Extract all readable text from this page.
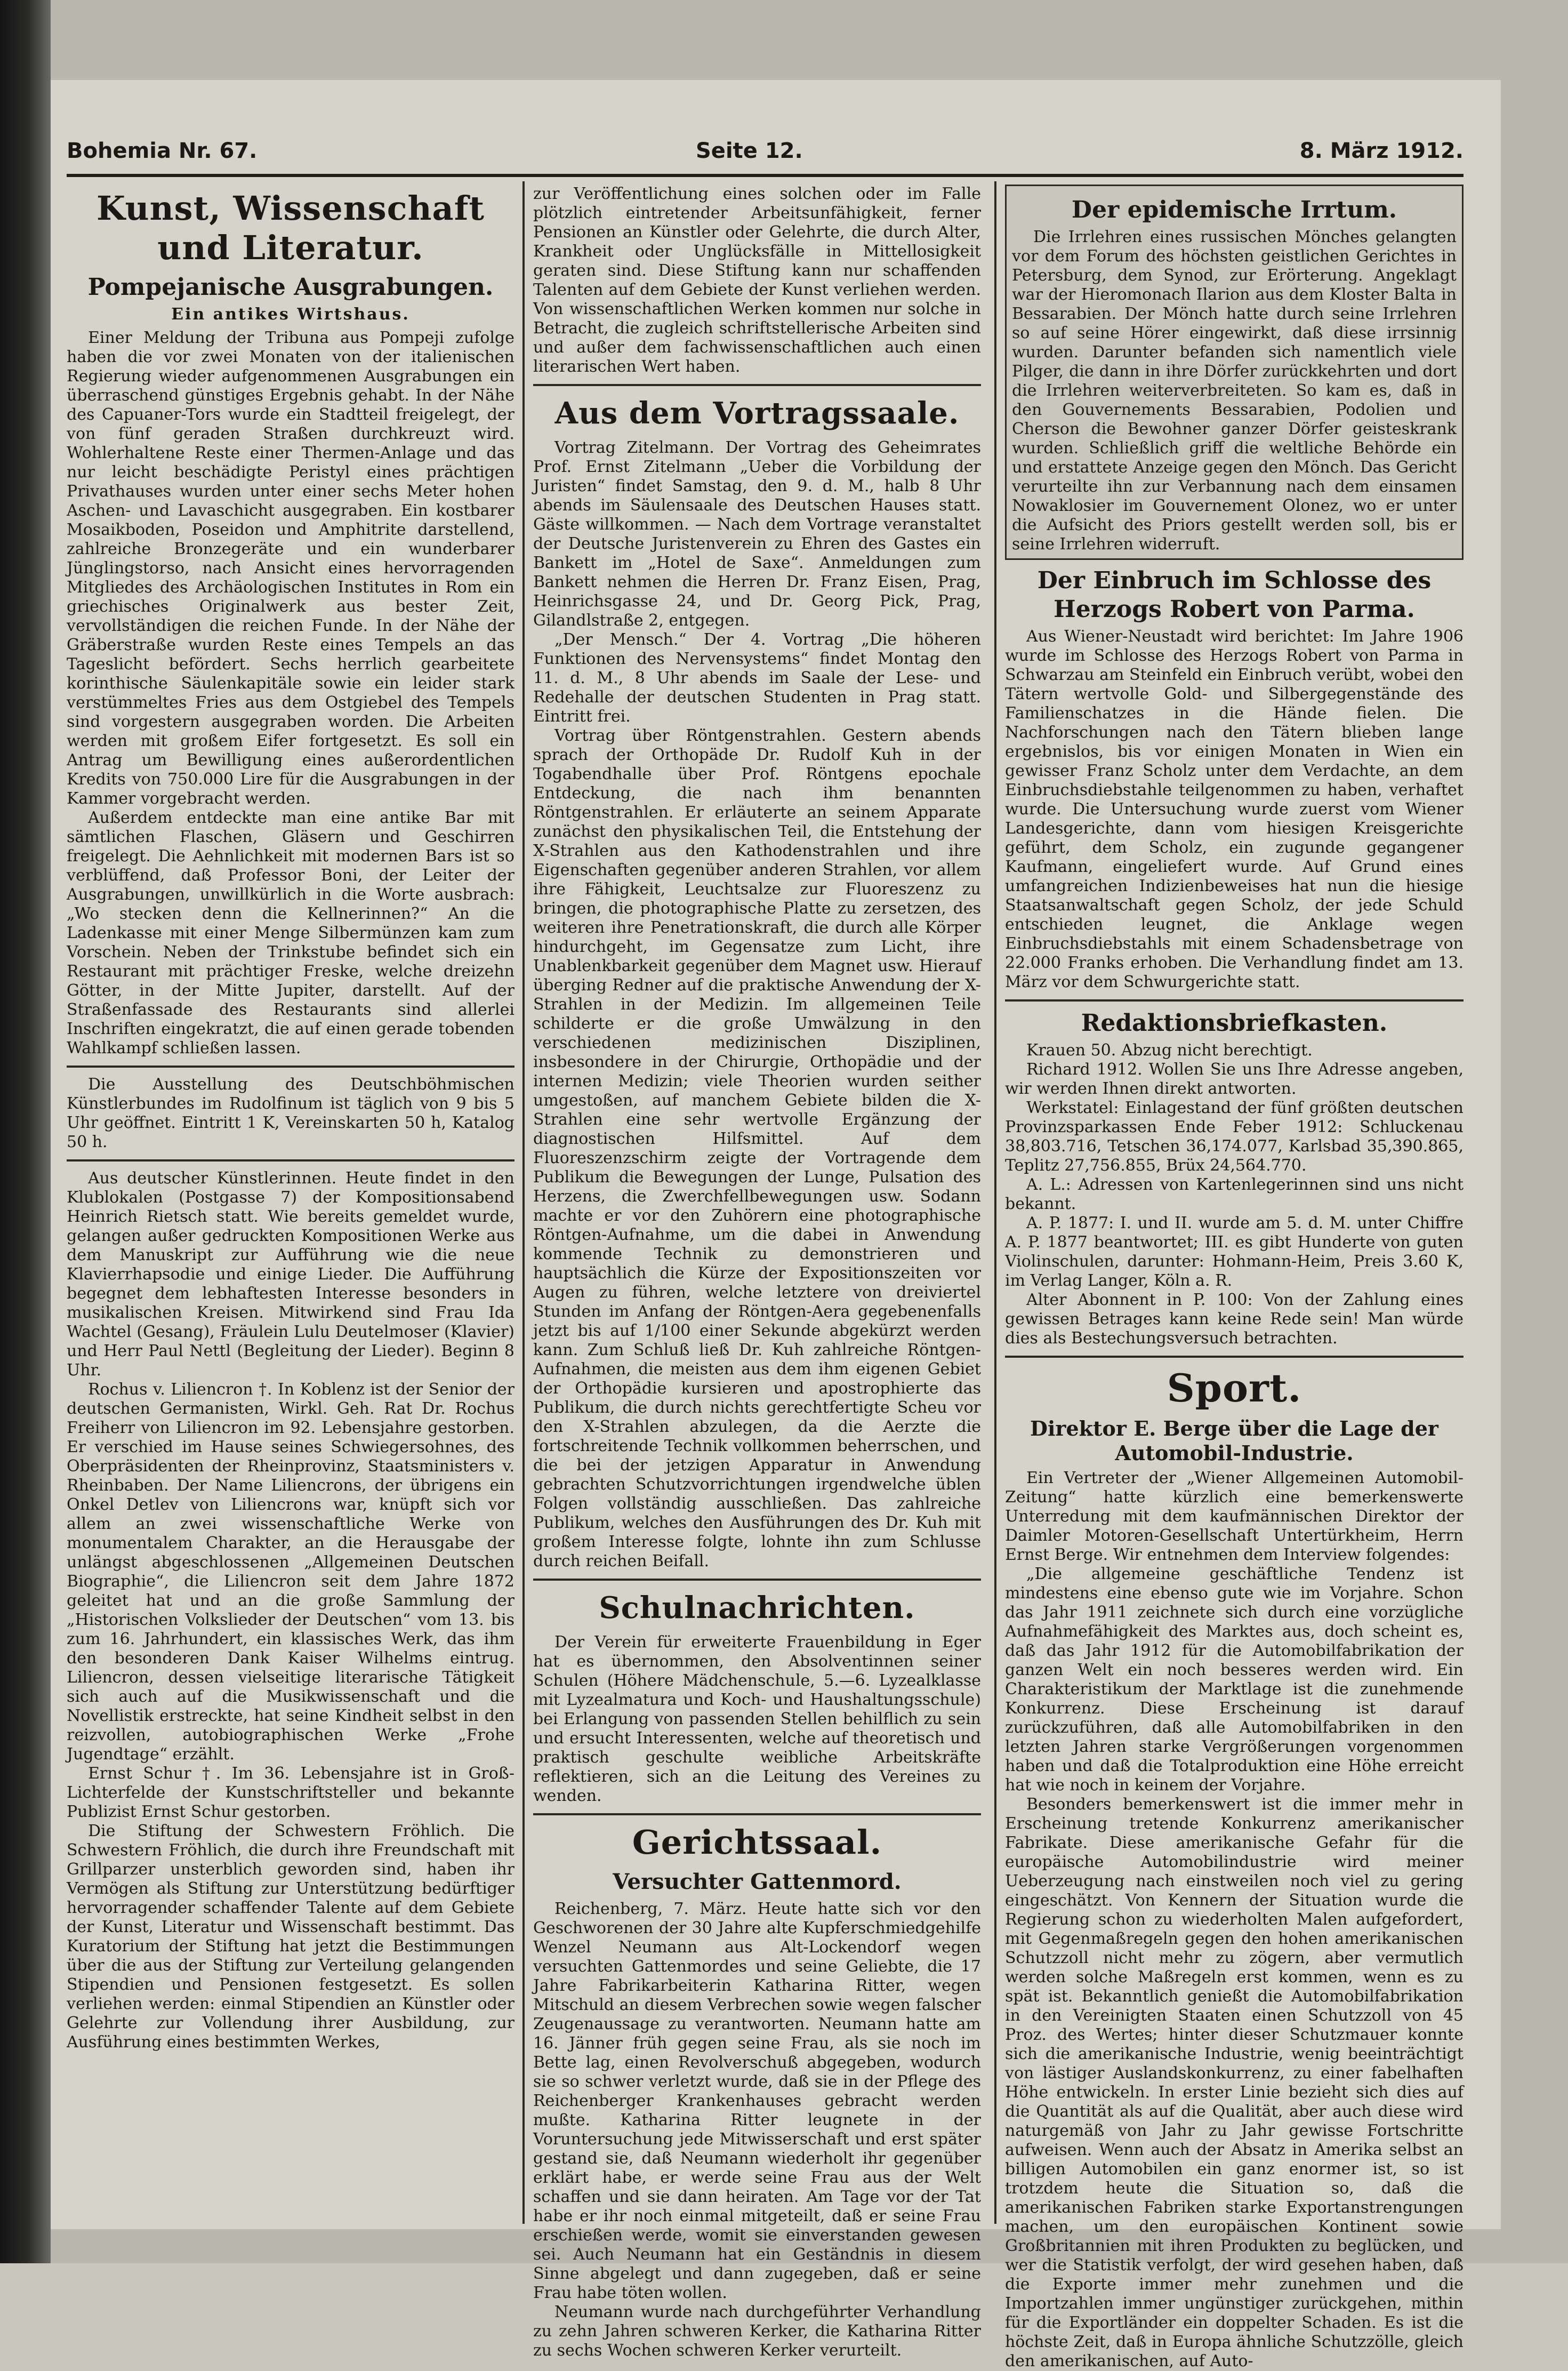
Bohemia Nr. 67.	Seite 12.	8. März 1912.
Kunst, Wissenschaft und Literatur.
Pompejanische Ausgrabungen.
Ein antikes Wirtshaus.

Einer Meldung der Tribuna aus Pompeji zufolge haben die vor zwei Monaten von der italienischen Regierung wieder aufgenommenen Ausgrabungen ein überraschend günstiges Ergebnis gehabt. In der Nähe des Capuaner-Tors wurde ein Stadtteil freigelegt, der von fünf geraden Straßen durchkreuzt wird. Wohlerhaltene Reste einer Thermen-Anlage und das nur leicht beschädigte Peristyl eines prächtigen Privathauses wurden unter einer sechs Meter hohen Aschen- und Lavaschicht ausgegraben. Ein kostbarer Mosaikboden, Poseidon und Amphitrite darstellend, zahlreiche Bronzegeräte und ein wunderbarer Jünglingstorso, nach Ansicht eines hervorragenden Mitgliedes des Archäologischen Institutes in Rom ein griechisches Originalwerk aus bester Zeit, vervollständigen die reichen Funde. In der Nähe der Gräberstraße wurden Reste eines Tempels an das Tageslicht befördert. Sechs herrlich gearbeitete korinthische Säulenkapitäle sowie ein leider stark verstümmeltes Fries aus dem Ostgiebel des Tempels sind vorgestern ausgegraben worden. Die Arbeiten werden mit großem Eifer fortgesetzt. Es soll ein Antrag um Bewilligung eines außerordentlichen Kredits von 750.000 Lire für die Ausgrabungen in der Kammer vorgebracht werden.

Außerdem entdeckte man eine antike Bar mit sämtlichen Flaschen, Gläsern und Geschirren freigelegt. Die Aehnlichkeit mit modernen Bars ist so verblüffend, daß Professor Boni, der Leiter der Ausgrabungen, unwillkürlich in die Worte ausbrach: „Wo stecken denn die Kellnerinnen?“ An die Ladenkasse mit einer Menge Silbermünzen kam zum Vorschein. Neben der Trinkstube befindet sich ein Restaurant mit prächtiger Freske, welche dreizehn Götter, in der Mitte Jupiter, darstellt. Auf der Straßenfassade des Restaurants sind allerlei Inschriften eingekratzt, die auf einen gerade tobenden Wahlkampf schließen lassen.

Die Ausstellung des Deutschböhmischen Künstlerbundes im Rudolfinum ist täglich von 9 bis 5 Uhr geöffnet. Eintritt 1 K, Vereinskarten 50 h, Katalog 50 h.

Aus deutscher Künstlerinnen. Heute findet in den Klublokalen (Postgasse 7) der Kompositionsabend Heinrich Rietsch statt. Wie bereits gemeldet wurde, gelangen außer gedruckten Kompositionen Werke aus dem Manuskript zur Aufführung wie die neue Klavierrhapsodie und einige Lieder. Die Aufführung begegnet dem lebhaftesten Interesse besonders in musikalischen Kreisen. Mitwirkend sind Frau Ida Wachtel (Gesang), Fräulein Lulu Deutelmoser (Klavier) und Herr Paul Nettl (Begleitung der Lieder). Beginn 8 Uhr.

Rochus v. Liliencron †. In Koblenz ist der Senior der deutschen Germanisten, Wirkl. Geh. Rat Dr. Rochus Freiherr von Liliencron im 92. Lebensjahre gestorben. Er verschied im Hause seines Schwiegersohnes, des Oberpräsidenten der Rheinprovinz, Staatsministers v. Rheinbaben. Der Name Liliencrons, der übrigens ein Onkel Detlev von Liliencrons war, knüpft sich vor allem an zwei wissenschaftliche Werke von monumentalem Charakter, an die Herausgabe der unlängst abgeschlossenen „Allgemeinen Deutschen Biographie“, die Liliencron seit dem Jahre 1872 geleitet hat und an die große Sammlung der „Historischen Volkslieder der Deutschen“ vom 13. bis zum 16. Jahrhundert, ein klassisches Werk, das ihm den besonderen Dank Kaiser Wilhelms eintrug. Liliencron, dessen vielseitige literarische Tätigkeit sich auch auf die Musikwissenschaft und die Novellistik erstreckte, hat seine Kindheit selbst in den reizvollen, autobiographischen Werke „Frohe Jugendtage“ erzählt.

Ernst Schur †. Im 36. Lebensjahre ist in Groß-Lichterfelde der Kunstschriftsteller und bekannte Publizist Ernst Schur gestorben.

Die Stiftung der Schwestern Fröhlich. Die Schwestern Fröhlich, die durch ihre Freundschaft mit Grillparzer unsterblich geworden sind, haben ihr Vermögen als Stiftung zur Unterstützung bedürftiger hervorragender schaffender Talente auf dem Gebiete der Kunst, Literatur und Wissenschaft bestimmt. Das Kuratorium der Stiftung hat jetzt die Bestimmungen über die aus der Stiftung zur Verteilung gelangenden Stipendien und Pensionen festgesetzt. Es sollen verliehen werden: einmal Stipendien an Künstler oder Gelehrte zur Vollendung ihrer Ausbildung, zur Ausführung eines bestimmten Werkes,

zur Veröffentlichung eines solchen oder im Falle plötzlich eintretender Arbeitsunfähigkeit, ferner Pensionen an Künstler oder Gelehrte, die durch Alter, Krankheit oder Unglücksfälle in Mittellosigkeit geraten sind. Diese Stiftung kann nur schaffenden Talenten auf dem Gebiete der Kunst verliehen werden. Von wissenschaftlichen Werken kommen nur solche in Betracht, die zugleich schriftstellerische Arbeiten sind und außer dem fachwissenschaftlichen auch einen literarischen Wert haben.

Aus dem Vortragssaale.

Vortrag Zitelmann. Der Vortrag des Geheimrates Prof. Ernst Zitelmann „Ueber die Vorbildung der Juristen“ findet Samstag, den 9. d. M., halb 8 Uhr abends im Säulensaale des Deutschen Hauses statt. Gäste willkommen. — Nach dem Vortrage veranstaltet der Deutsche Juristenverein zu Ehren des Gastes ein Bankett im „Hotel de Saxe“. Anmeldungen zum Bankett nehmen die Herren Dr. Franz Eisen, Prag, Heinrichsgasse 24, und Dr. Georg Pick, Prag, Gilandlstraße 2, entgegen.

„Der Mensch.“ Der 4. Vortrag „Die höheren Funktionen des Nervensystems“ findet Montag den 11. d. M., 8 Uhr abends im Saale der Lese- und Redehalle der deutschen Studenten in Prag statt. Eintritt frei.

Vortrag über Röntgenstrahlen. Gestern abends sprach der Orthopäde Dr. Rudolf Kuh in der Togabendhalle über Prof. Röntgens epochale Entdeckung, die nach ihm benannten Röntgenstrahlen. Er erläuterte an seinem Apparate zunächst den physikalischen Teil, die Entstehung der X-Strahlen aus den Kathodenstrahlen und ihre Eigenschaften gegenüber anderen Strahlen, vor allem ihre Fähigkeit, Leuchtsalze zur Fluoreszenz zu bringen, die photographische Platte zu zersetzen, des weiteren ihre Penetrationskraft, die durch alle Körper hindurchgeht, im Gegensatze zum Licht, ihre Unablenkbarkeit gegenüber dem Magnet usw. Hierauf überging Redner auf die praktische Anwendung der X-Strahlen in der Medizin. Im allgemeinen Teile schilderte er die große Umwälzung in den verschiedenen medizinischen Disziplinen, insbesondere in der Chirurgie, Orthopädie und der internen Medizin; viele Theorien wurden seither umgestoßen, auf manchem Gebiete bilden die X-Strahlen eine sehr wertvolle Ergänzung der diagnostischen Hilfsmittel. Auf dem Fluoreszenzschirm zeigte der Vortragende dem Publikum die Bewegungen der Lunge, Pulsation des Herzens, die Zwerchfellbewegungen usw. Sodann machte er vor den Zuhörern eine photographische Röntgen-Aufnahme, um die dabei in Anwendung kommende Technik zu demonstrieren und hauptsächlich die Kürze der Expositionszeiten vor Augen zu führen, welche letztere von dreiviertel Stunden im Anfang der Röntgen-Aera gegebenenfalls jetzt bis auf 1/100 einer Sekunde abgekürzt werden kann. Zum Schluß ließ Dr. Kuh zahlreiche Röntgen-Aufnahmen, die meisten aus dem ihm eigenen Gebiet der Orthopädie kursieren und apostrophierte das Publikum, die durch nichts gerechtfertigte Scheu vor den X-Strahlen abzulegen, da die Aerzte die fortschreitende Technik vollkommen beherrschen, und die bei der jetzigen Apparatur in Anwendung gebrachten Schutzvorrichtungen irgendwelche üblen Folgen vollständig ausschließen. Das zahlreiche Publikum, welches den Ausführungen des Dr. Kuh mit großem Interesse folgte, lohnte ihn zum Schlusse durch reichen Beifall.

Schulnachrichten.

Der Verein für erweiterte Frauenbildung in Eger hat es übernommen, den Absolventinnen seiner Schulen (Höhere Mädchenschule, 5.—6. Lyzealklasse mit Lyzealmatura und Koch- und Haushaltungsschule) bei Erlangung von passenden Stellen behilflich zu sein und ersucht Interessenten, welche auf theoretisch und praktisch geschulte weibliche Arbeitskräfte reflektieren, sich an die Leitung des Vereines zu wenden.

Gerichtssaal.
Versuchter Gattenmord.

Reichenberg, 7. März. Heute hatte sich vor den Geschworenen der 30 Jahre alte Kupferschmiedgehilfe Wenzel Neumann aus Alt-Lockendorf wegen versuchten Gattenmordes und seine Geliebte, die 17 Jahre Fabrikarbeiterin Katharina Ritter, wegen Mitschuld an diesem Verbrechen sowie wegen falscher Zeugenaussage zu verantworten. Neumann hatte am 16. Jänner früh gegen seine Frau, als sie noch im Bette lag, einen Revolverschuß abgegeben, wodurch sie so schwer verletzt wurde, daß sie in der Pflege des Reichenberger Krankenhauses gebracht werden mußte. Katharina Ritter leugnete in der Voruntersuchung jede Mitwisserschaft und erst später gestand sie, daß Neumann wiederholt ihr gegenüber erklärt habe, er werde seine Frau aus der Welt schaffen und sie dann heiraten. Am Tage vor der Tat habe er ihr noch einmal mitgeteilt, daß er seine Frau erschießen werde, womit sie einverstanden gewesen sei. Auch Neumann hat ein Geständnis in diesem Sinne abgelegt und dann zugegeben, daß er seine Frau habe töten wollen.

Neumann wurde nach durchgeführter Verhandlung zu zehn Jahren schweren Kerker, die Katharina Ritter zu sechs Wochen schweren Kerker verurteilt.

Der epidemische Irrtum.

Die Irrlehren eines russischen Mönches gelangten vor dem Forum des höchsten geistlichen Gerichtes in Petersburg, dem Synod, zur Erörterung. Angeklagt war der Hieromonach Ilarion aus dem Kloster Balta in Bessarabien. Der Mönch hatte durch seine Irrlehren so auf seine Hörer eingewirkt, daß diese irrsinnig wurden. Darunter befanden sich namentlich viele Pilger, die dann in ihre Dörfer zurückkehrten und dort die Irrlehren weiterverbreiteten. So kam es, daß in den Gouvernements Bessarabien, Podolien und Cherson die Bewohner ganzer Dörfer geisteskrank wurden. Schließlich griff die weltliche Behörde ein und erstattete Anzeige gegen den Mönch. Das Gericht verurteilte ihn zur Verbannung nach dem einsamen Nowaklosier im Gouvernement Olonez, wo er unter die Aufsicht des Priors gestellt werden soll, bis er seine Irrlehren widerruft.

Der Einbruch im Schlosse des Herzogs Robert von Parma.

Aus Wiener-Neustadt wird berichtet: Im Jahre 1906 wurde im Schlosse des Herzogs Robert von Parma in Schwarzau am Steinfeld ein Einbruch verübt, wobei den Tätern wertvolle Gold- und Silbergegenstände des Familienschatzes in die Hände fielen. Die Nachforschungen nach den Tätern blieben lange ergebnislos, bis vor einigen Monaten in Wien ein gewisser Franz Scholz unter dem Verdachte, an dem Einbruchsdiebstahle teilgenommen zu haben, verhaftet wurde. Die Untersuchung wurde zuerst vom Wiener Landesgerichte, dann vom hiesigen Kreisgerichte geführt, dem Scholz, ein zugunde gegangener Kaufmann, eingeliefert wurde. Auf Grund eines umfangreichen Indizienbeweises hat nun die hiesige Staatsanwaltschaft gegen Scholz, der jede Schuld entschieden leugnet, die Anklage wegen Einbruchsdiebstahls mit einem Schadensbetrage von 22.000 Franks erhoben. Die Verhandlung findet am 13. März vor dem Schwurgerichte statt.

Redaktionsbriefkasten.

Krauen 50. Abzug nicht berechtigt.

Richard 1912. Wollen Sie uns Ihre Adresse angeben, wir werden Ihnen direkt antworten.

Werkstatel: Einlagestand der fünf größten deutschen Provinzsparkassen Ende Feber 1912: Schluckenau 38,803.716, Tetschen 36,174.077, Karlsbad 35,390.865, Teplitz 27,756.855, Brüx 24,564.770.

A. L.: Adressen von Kartenlegerinnen sind uns nicht bekannt.

A. P. 1877: I. und II. wurde am 5. d. M. unter Chiffre A. P. 1877 beantwortet; III. es gibt Hunderte von guten Violinschulen, darunter: Hohmann-Heim, Preis 3.60 K, im Verlag Langer, Köln a. R.

Alter Abonnent in P. 100: Von der Zahlung eines gewissen Betrages kann keine Rede sein! Man würde dies als Bestechungsversuch betrachten.

Sport.
Direktor E. Berge über die Lage der Automobil-Industrie.

Ein Vertreter der „Wiener Allgemeinen Automobil-Zeitung“ hatte kürzlich eine bemerkenswerte Unterredung mit dem kaufmännischen Direktor der Daimler Motoren-Gesellschaft Untertürkheim, Herrn Ernst Berge. Wir entnehmen dem Interview folgendes:

„Die allgemeine geschäftliche Tendenz ist mindestens eine ebenso gute wie im Vorjahre. Schon das Jahr 1911 zeichnete sich durch eine vorzügliche Aufnahmefähigkeit des Marktes aus, doch scheint es, daß das Jahr 1912 für die Automobilfabrikation der ganzen Welt ein noch besseres werden wird. Ein Charakteristikum der Marktlage ist die zunehmende Konkurrenz. Diese Erscheinung ist darauf zurückzuführen, daß alle Automobilfabriken in den letzten Jahren starke Vergrößerungen vorgenommen haben und daß die Totalproduktion eine Höhe erreicht hat wie noch in keinem der Vorjahre.

Besonders bemerkenswert ist die immer mehr in Erscheinung tretende Konkurrenz amerikanischer Fabrikate. Diese amerikanische Gefahr für die europäische Automobilindustrie wird meiner Ueberzeugung nach einstweilen noch viel zu gering eingeschätzt. Von Kennern der Situation wurde die Regierung schon zu wiederholten Malen aufgefordert, mit Gegenmaßregeln gegen den hohen amerikanischen Schutzzoll nicht mehr zu zögern, aber vermutlich werden solche Maßregeln erst kommen, wenn es zu spät ist. Bekanntlich genießt die Automobilfabrikation in den Vereinigten Staaten einen Schutzzoll von 45 Proz. des Wertes; hinter dieser Schutzmauer konnte sich die amerikanische Industrie, wenig beeinträchtigt von lästiger Auslandskonkurrenz, zu einer fabelhaften Höhe entwickeln. In erster Linie bezieht sich dies auf die Quantität als auf die Qualität, aber auch diese wird naturgemäß von Jahr zu Jahr gewisse Fortschritte aufweisen. Wenn auch der Absatz in Amerika selbst an billigen Automobilen ein ganz enormer ist, so ist trotzdem heute die Situation so, daß die amerikanischen Fabriken starke Exportanstrengungen machen, um den europäischen Kontinent sowie Großbritannien mit ihren Produkten zu beglücken, und wer die Statistik verfolgt, der wird gesehen haben, daß die Exporte immer mehr zunehmen und die Importzahlen immer ungünstiger zurückgehen, mithin für die Exportländer ein doppelter Schaden. Es ist die höchste Zeit, daß in Europa ähnliche Schutzzölle, gleich den amerikanischen, auf Auto-
